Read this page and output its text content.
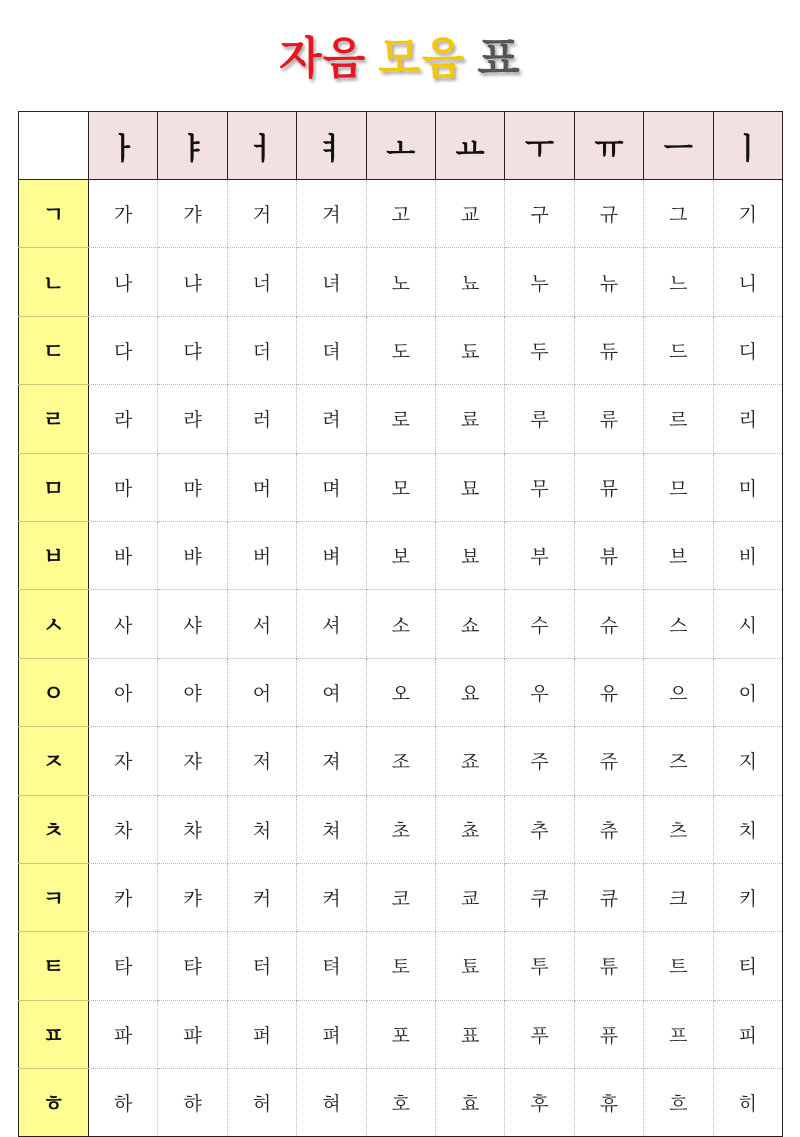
자음 모음 표
	ㅏ	ㅑ	ㅓ	ㅕ	ㅗ	ㅛ	ㅜ	ㅠ	ㅡ	ㅣ
ㄱ	가	갸	거	겨	고	교	구	규	그	기
ㄴ	나	냐	너	녀	노	뇨	누	뉴	느	니
ㄷ	다	댜	더	뎌	도	됴	두	듀	드	디
ㄹ	라	랴	러	려	로	료	루	류	르	리
ㅁ	마	먀	머	며	모	묘	무	뮤	므	미
ㅂ	바	뱌	버	벼	보	뵤	부	뷰	브	비
ㅅ	사	샤	서	셔	소	쇼	수	슈	스	시
ㅇ	아	야	어	여	오	요	우	유	으	이
ㅈ	자	쟈	저	져	조	죠	주	쥬	즈	지
ㅊ	차	챠	처	쳐	초	쵸	추	츄	츠	치
ㅋ	카	캬	커	켜	코	쿄	쿠	큐	크	키
ㅌ	타	탸	터	텨	토	툐	투	튜	트	티
ㅍ	파	퍄	퍼	펴	포	표	푸	퓨	프	피
ㅎ	하	햐	허	혀	호	효	후	휴	흐	히
